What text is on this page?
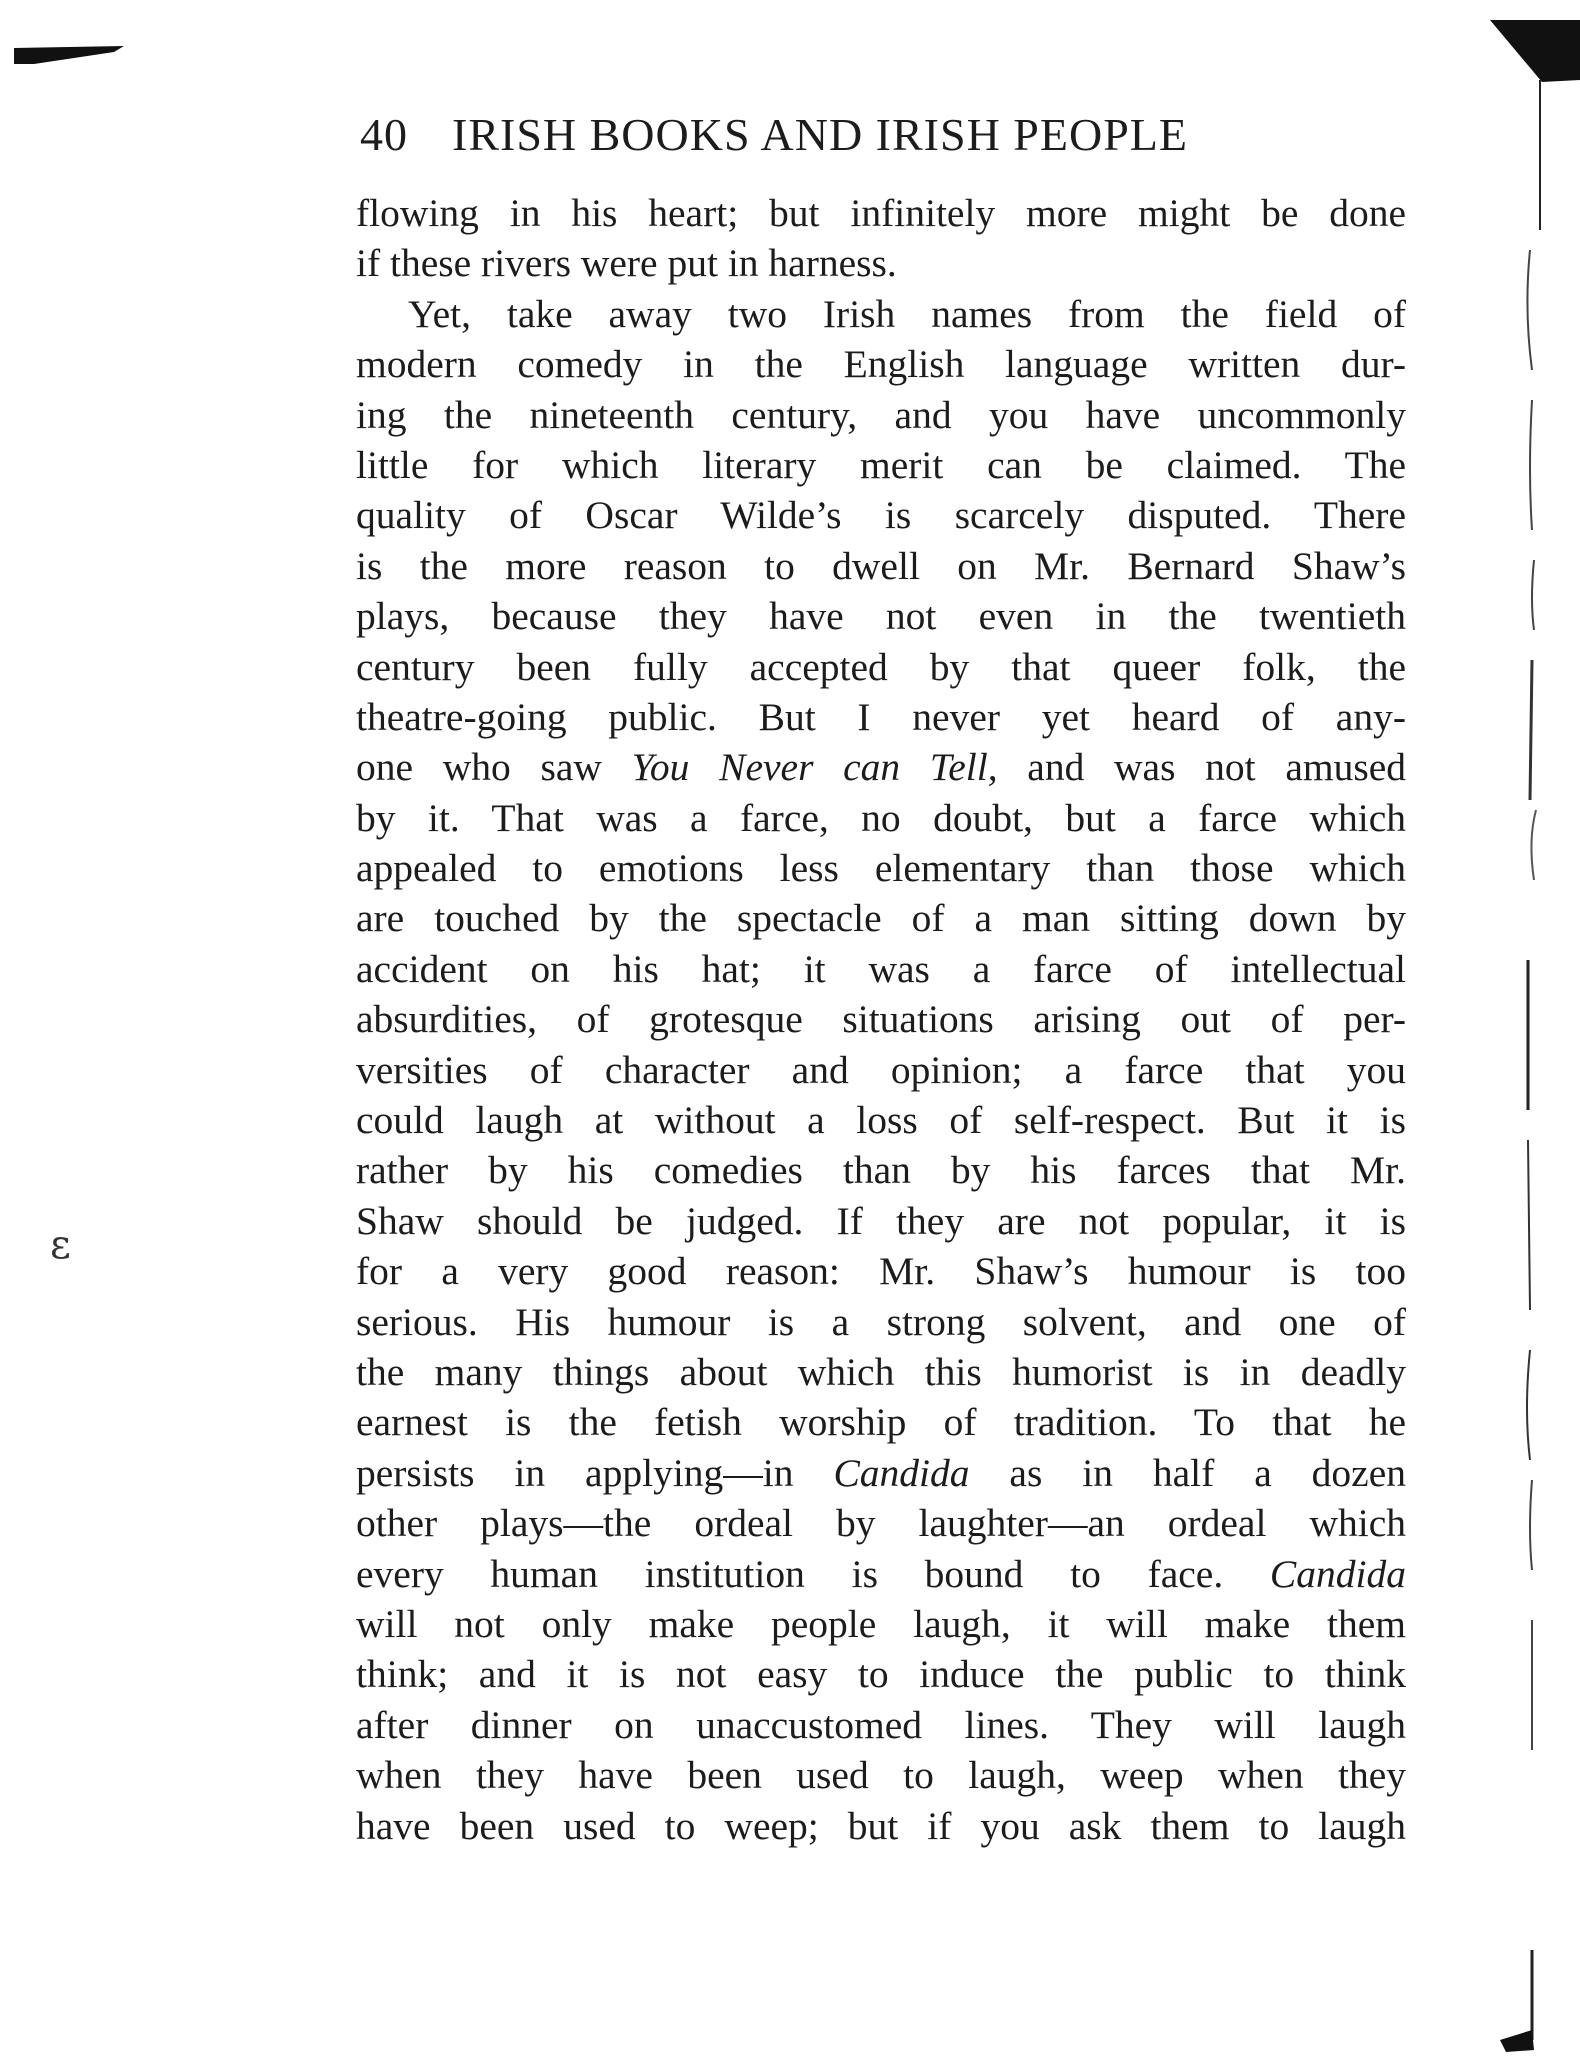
ε
40 IRISH BOOKS AND IRISH PEOPLE
flowing in his heart; but infinitely more might be done
if these rivers were put in harness.
Yet, take away two Irish names from the field of
modern comedy in the English language written dur-
ing the nineteenth century, and you have uncommonly
little for which literary merit can be claimed. The
quality of Oscar Wilde’s is scarcely disputed. There
is the more reason to dwell on Mr. Bernard Shaw’s
plays, because they have not even in the twentieth
century been fully accepted by that queer folk, the
theatre-going public. But I never yet heard of any-
one who saw You Never can Tell, and was not amused
by it. That was a farce, no doubt, but a farce which
appealed to emotions less elementary than those which
are touched by the spectacle of a man sitting down by
accident on his hat; it was a farce of intellectual
absurdities, of grotesque situations arising out of per-
versities of character and opinion; a farce that you
could laugh at without a loss of self-respect. But it is
rather by his comedies than by his farces that Mr.
Shaw should be judged. If they are not popular, it is
for a very good reason: Mr. Shaw’s humour is too
serious. His humour is a strong solvent, and one of
the many things about which this humorist is in deadly
earnest is the fetish worship of tradition. To that he
persists in applying—in Candida as in half a dozen
other plays—the ordeal by laughter—an ordeal which
every human institution is bound to face. Candida
will not only make people laugh, it will make them
think; and it is not easy to induce the public to think
after dinner on unaccustomed lines. They will laugh
when they have been used to laugh, weep when they
have been used to weep; but if you ask them to laugh
